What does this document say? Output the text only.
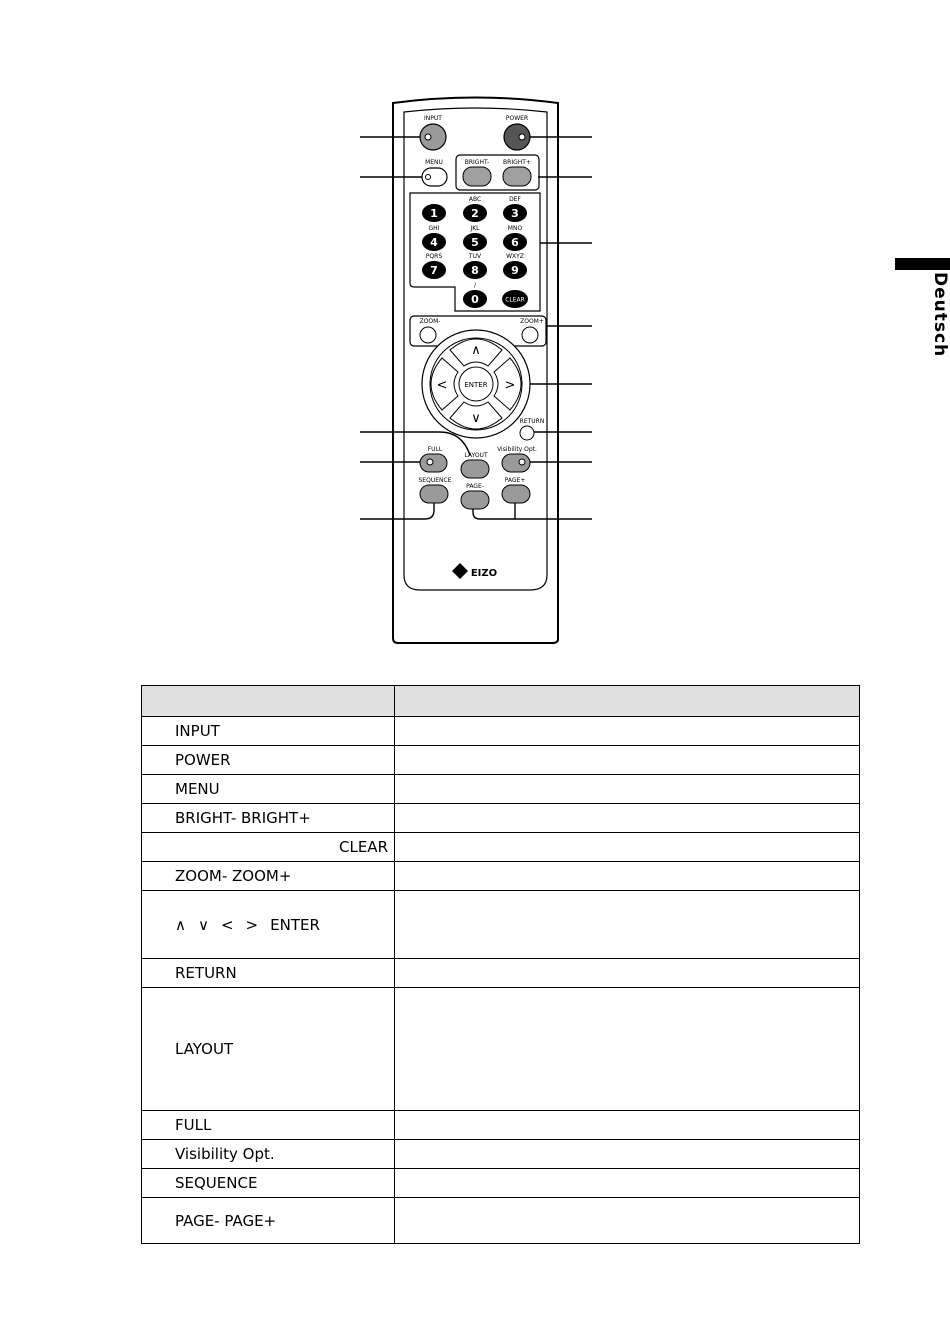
Deutsch
INPUT	POWER
MENU	BRIGHT- BRIGHT+
1
ABC
2
DEF
3
GHI
4
JKL
5
MNO
6
PQRS
7
TUV
8
WXYZ
9
/
0	CLEAR
ZOOM-	ZOOM+
ENTER
∧
∨
<	>
RETURN
FULL
LAYOUT
Visibility Opt.
SEQUENCE
PAGE-
PAGE+
EIZO

INPUT	
POWER	
MENU	
BRIGHT- BRIGHT+	
CLEAR	
ZOOM- ZOOM+	
∧ ∨ < > ENTER	
RETURN	
LAYOUT	
FULL	
Visibility Opt.	
SEQUENCE	
PAGE- PAGE+	
